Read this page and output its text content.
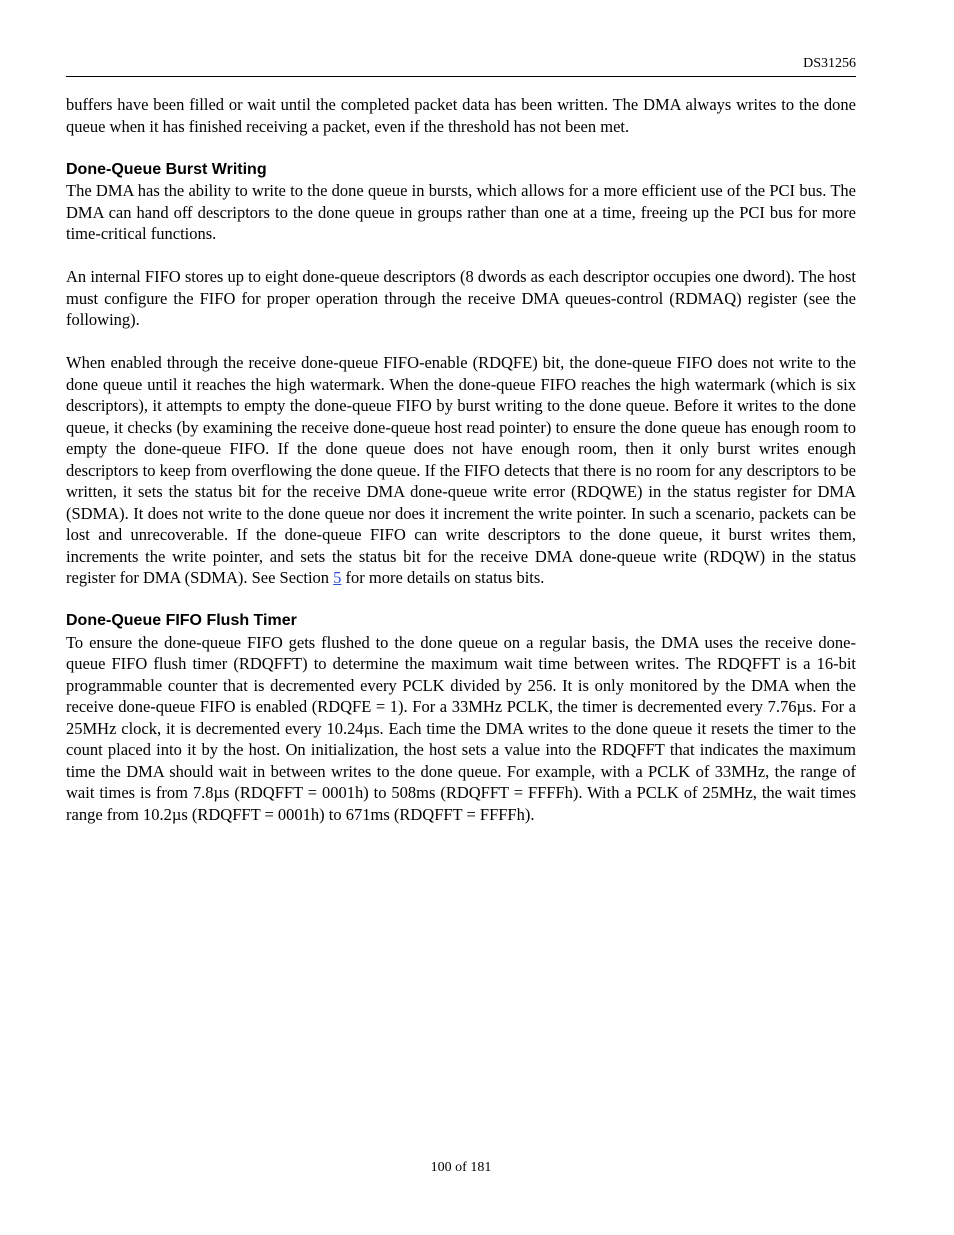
DS31256

buffers have been filled or wait until the completed packet data has been written. The DMA always writes to the done queue when it has finished receiving a packet, even if the threshold has not been met.

Done-Queue Burst Writing

The DMA has the ability to write to the done queue in bursts, which allows for a more efficient use of the PCI bus. The DMA can hand off descriptors to the done queue in groups rather than one at a time, freeing up the PCI bus for more time-critical functions.

An internal FIFO stores up to eight done-queue descriptors (8 dwords as each descriptor occupies one dword). The host must configure the FIFO for proper operation through the receive DMA queues-control (RDMAQ) register (see the following).

When enabled through the receive done-queue FIFO-enable (RDQFE) bit, the done-queue FIFO does not write to the done queue until it reaches the high watermark. When the done-queue FIFO reaches the high watermark (which is six descriptors), it attempts to empty the done-queue FIFO by burst writing to the done queue. Before it writes to the done queue, it checks (by examining the receive done-queue host read pointer) to ensure the done queue has enough room to empty the done-queue FIFO. If the done queue does not have enough room, then it only burst writes enough descriptors to keep from overflowing the done queue. If the FIFO detects that there is no room for any descriptors to be written, it sets the status bit for the receive DMA done-queue write error (RDQWE) in the status register for DMA (SDMA). It does not write to the done queue nor does it increment the write pointer. In such a scenario, packets can be lost and unrecoverable. If the done-queue FIFO can write descriptors to the done queue, it burst writes them, increments the write pointer, and sets the status bit for the receive DMA done-queue write (RDQW) in the status register for DMA (SDMA). See Section 5 for more details on status bits.

Done-Queue FIFO Flush Timer

To ensure the done-queue FIFO gets flushed to the done queue on a regular basis, the DMA uses the receive done-queue FIFO flush timer (RDQFFT) to determine the maximum wait time between writes. The RDQFFT is a 16-bit programmable counter that is decremented every PCLK divided by 256. It is only monitored by the DMA when the receive done-queue FIFO is enabled (RDQFE = 1). For a 33MHz PCLK, the timer is decremented every 7.76µs. For a 25MHz clock, it is decremented every 10.24µs. Each time the DMA writes to the done queue it resets the timer to the count placed into it by the host. On initialization, the host sets a value into the RDQFFT that indicates the maximum time the DMA should wait in between writes to the done queue. For example, with a PCLK of 33MHz, the range of wait times is from 7.8µs (RDQFFT = 0001h) to 508ms (RDQFFT = FFFFh). With a PCLK of 25MHz, the wait times range from 10.2µs (RDQFFT = 0001h) to 671ms (RDQFFT = FFFFh).

100 of 181
